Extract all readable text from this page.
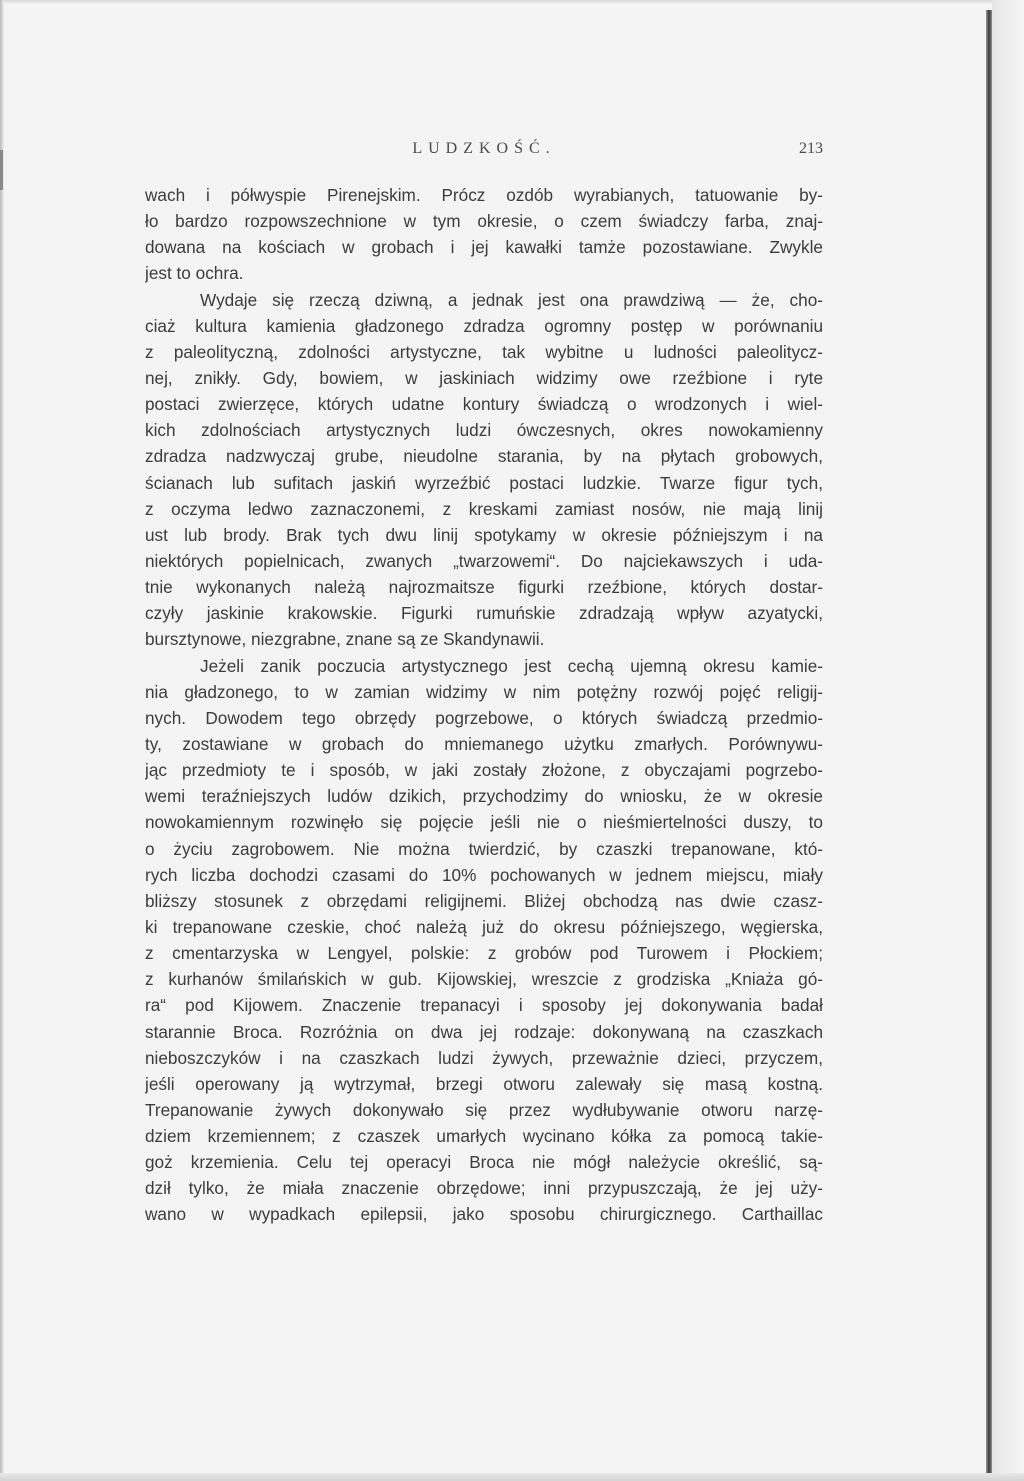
LUDZKOŚĆ.	213
wach i półwyspie Pirenejskim. Prócz ozdób wyrabianych, tatuowanie by-
ło bardzo rozpowszechnione w tym okresie, o czem świadczy farba, znaj-
dowana na kościach w grobach i jej kawałki tamże pozostawiane. Zwykle
jest to ochra.
Wydaje się rzeczą dziwną, a jednak jest ona prawdziwą — że, cho-
ciaż kultura kamienia gładzonego zdradza ogromny postęp w porównaniu
z paleolityczną, zdolności artystyczne, tak wybitne u ludności paleolitycz-
nej, znikły. Gdy, bowiem, w jaskiniach widzimy owe rzeźbione i ryte
postaci zwierzęce, których udatne kontury świadczą o wrodzonych i wiel-
kich zdolnościach artystycznych ludzi ówczesnych, okres nowokamienny
zdradza nadzwyczaj grube, nieudolne starania, by na płytach grobowych,
ścianach lub sufitach jaskiń wyrzeźbić postaci ludzkie. Twarze figur tych,
z oczyma ledwo zaznaczonemi, z kreskami zamiast nosów, nie mają linij
ust lub brody. Brak tych dwu linij spotykamy w okresie późniejszym i na
niektórych popielnicach, zwanych „twarzowemi“. Do najciekawszych i uda-
tnie wykonanych należą najrozmaitsze figurki rzeźbione, których dostar-
czyły jaskinie krakowskie. Figurki rumuńskie zdradzają wpływ azyatycki,
bursztynowe, niezgrabne, znane są ze Skandynawii.
Jeżeli zanik poczucia artystycznego jest cechą ujemną okresu kamie-
nia gładzonego, to w zamian widzimy w nim potężny rozwój pojęć religij-
nych. Dowodem tego obrzędy pogrzebowe, o których świadczą przedmio-
ty, zostawiane w grobach do mniemanego użytku zmarłych. Porównywu-
jąc przedmioty te i sposób, w jaki zostały złożone, z obyczajami pogrzebo-
wemi teraźniejszych ludów dzikich, przychodzimy do wniosku, że w okresie
nowokamiennym rozwinęło się pojęcie jeśli nie o nieśmiertelności duszy, to
o życiu zagrobowem. Nie można twierdzić, by czaszki trepanowane, któ-
rych liczba dochodzi czasami do 10% pochowanych w jednem miejscu, miały
bliższy stosunek z obrzędami religijnemi. Bliżej obchodzą nas dwie czasz-
ki trepanowane czeskie, choć należą już do okresu późniejszego, węgierska,
z cmentarzyska w Lengyel, polskie: z grobów pod Turowem i Płockiem;
z kurhanów śmilańskich w gub. Kijowskiej, wreszcie z grodziska „Kniaża gó-
ra“ pod Kijowem. Znaczenie trepanacyi i sposoby jej dokonywania badał
starannie Broca. Rozróżnia on dwa jej rodzaje: dokonywaną na czaszkach
nieboszczyków i na czaszkach ludzi żywych, przeważnie dzieci, przyczem,
jeśli operowany ją wytrzymał, brzegi otworu zalewały się masą kostną.
Trepanowanie żywych dokonywało się przez wydłubywanie otworu narzę-
dziem krzemiennem; z czaszek umarłych wycinano kółka za pomocą takie-
goż krzemienia. Celu tej operacyi Broca nie mógł należycie określić, są-
dził tylko, że miała znaczenie obrzędowe; inni przypuszczają, że jej uży-
wano w wypadkach epilepsii, jako sposobu chirurgicznego. Carthaillac
